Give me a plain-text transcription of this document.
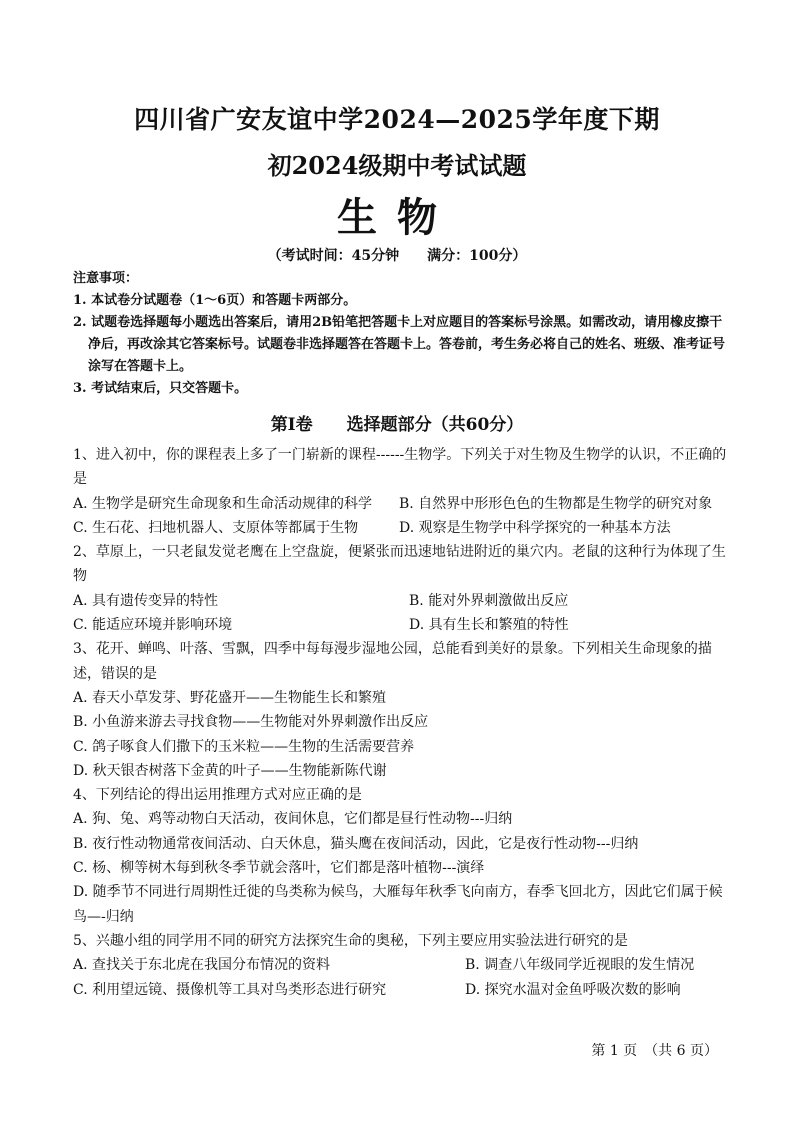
四川省广安友谊中学2024—2025学年度下期
初2024级期中考试试题
生物
（考试时间：45分钟　　满分：100分）

注意事项：

1. 本试卷分试题卷（1～6页）和答题卡两部分。

2. 试题卷选择题每小题选出答案后，请用2B铅笔把答题卡上对应题目的答案标号涂黑。如需改动，请用橡皮擦干净后，再改涂其它答案标号。试题卷非选择题答在答题卡上。答卷前，考生务必将自己的姓名、班级、准考证号涂写在答题卡上。

3. 考试结束后，只交答题卡。

第Ⅰ卷　　选择题部分（共60分）

1、进入初中，你的课程表上多了一门崭新的课程------生物学。下列关于对生物及生物学的认识，不正确的是

A. 生物学是研究生命现象和生命活动规律的科学	B. 自然界中形形色色的生物都是生物学的研究对象
C. 生石花、扫地机器人、支原体等都属于生物	D. 观察是生物学中科学探究的一种基本方法

2、草原上，一只老鼠发觉老鹰在上空盘旋，便紧张而迅速地钻进附近的巢穴内。老鼠的这种行为体现了生物

A. 具有遗传变异的特性	B. 能对外界刺激做出反应
C. 能适应环境并影响环境	D. 具有生长和繁殖的特性

3、花开、蝉鸣、叶落、雪飘，四季中每每漫步湿地公园，总能看到美好的景象。下列相关生命现象的描述，错误的是

A. 春天小草发芽、野花盛开——生物能生长和繁殖

B. 小鱼游来游去寻找食物——生物能对外界刺激作出反应

C. 鸽子啄食人们撒下的玉米粒——生物的生活需要营养

D. 秋天银杏树落下金黄的叶子——生物能新陈代谢

4、下列结论的得出运用推理方式对应正确的是

A. 狗、兔、鸡等动物白天活动，夜间休息，它们都是昼行性动物---归纳

B. 夜行性动物通常夜间活动、白天休息，猫头鹰在夜间活动，因此，它是夜行性动物---归纳

C. 杨、柳等树木每到秋冬季节就会落叶，它们都是落叶植物---演绎

D. 随季节不同进行周期性迁徙的鸟类称为候鸟，大雁每年秋季飞向南方，春季飞回北方，因此它们属于候鸟—-归纳

5、兴趣小组的同学用不同的研究方法探究生命的奥秘，下列主要应用实验法进行研究的是

A. 查找关于东北虎在我国分布情况的资料	B. 调查八年级同学近视眼的发生情况
C. 利用望远镜、摄像机等工具对鸟类形态进行研究	D. 探究水温对金鱼呼吸次数的影响
第 1 页　（共 6 页）
